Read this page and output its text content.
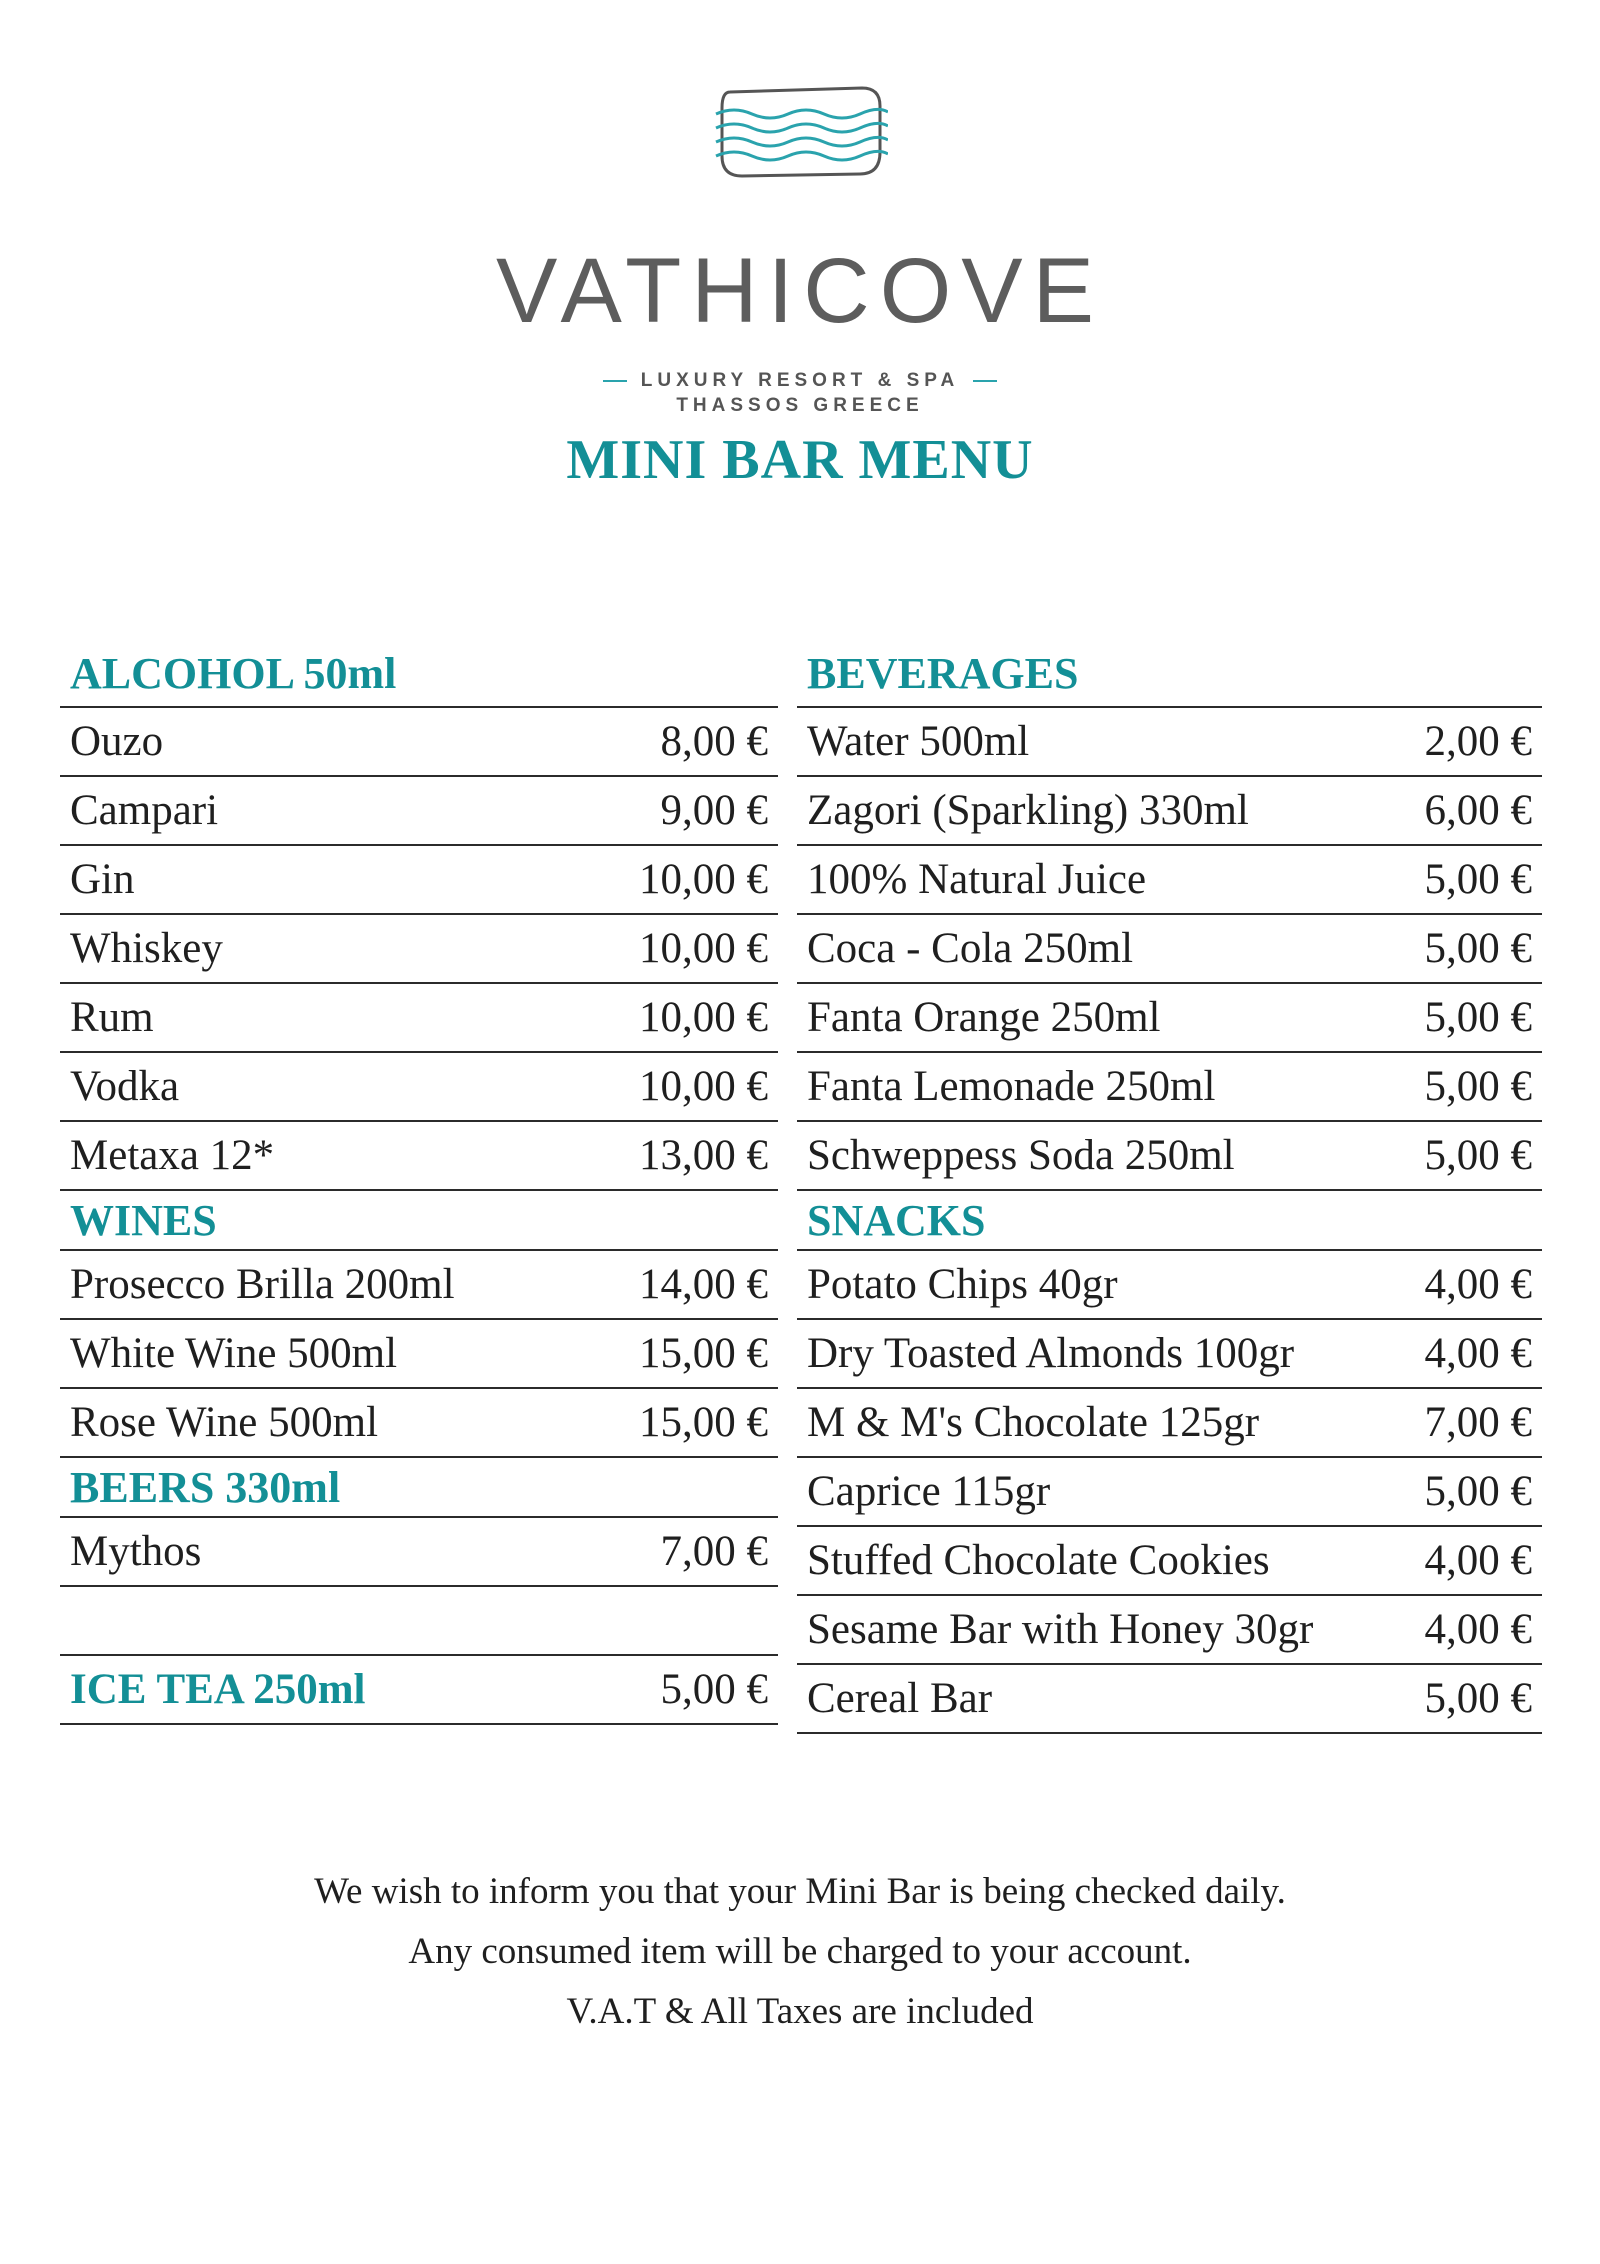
VATHICOVE
LUXURY RESORT & SPA
THASSOS GREECE
MINI BAR MENU
ALCOHOL 50ml
Ouzo	8,00 €
Campari	9,00 €
Gin	10,00 €
Whiskey	10,00 €
Rum	10,00 €
Vodka	10,00 €
Metaxa 12*	13,00 €
WINES
Prosecco Brilla 200ml	14,00 €
White Wine 500ml	15,00 €
Rose Wine 500ml	15,00 €
BEERS 330ml
Mythos	7,00 €
ICE TEA 250ml	5,00 €
BEVERAGES
Water 500ml	2,00 €
Zagori (Sparkling) 330ml	6,00 €
100% Natural Juice	5,00 €
Coca - Cola 250ml	5,00 €
Fanta Orange 250ml	5,00 €
Fanta Lemonade 250ml	5,00 €
Schweppess Soda 250ml	5,00 €
SNACKS
Potato Chips 40gr	4,00 €
Dry Toasted Almonds 100gr	4,00 €
M & M's Chocolate 125gr	7,00 €
Caprice 115gr	5,00 €
Stuffed Chocolate Cookies	4,00 €
Sesame Bar with Honey 30gr	4,00 €
Cereal Bar	5,00 €
We wish to inform you that your Mini Bar is being checked daily.
Any consumed item will be charged to your account.
V.A.T & All Taxes are included
